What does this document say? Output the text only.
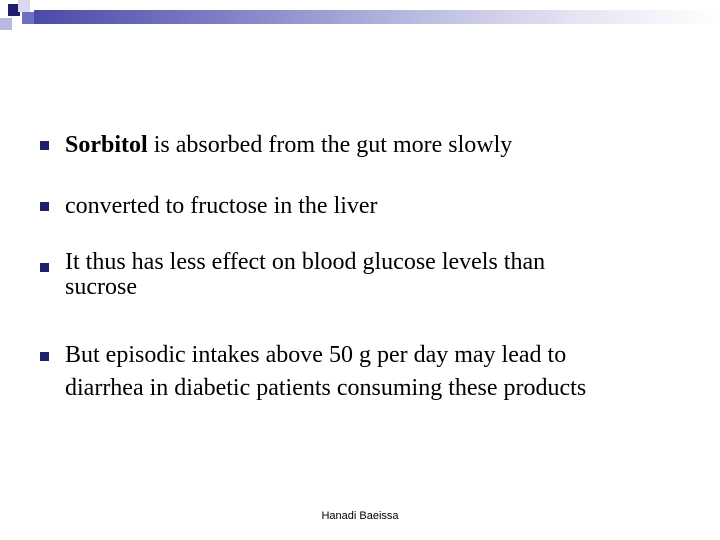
Sorbitol is absorbed from the gut more slowly
converted to fructose in the liver
It thus has less effect on blood glucose levels than
sucrose
But episodic intakes above 50 g per day may lead to
diarrhea in diabetic patients consuming these products
Hanadi Baeissa
